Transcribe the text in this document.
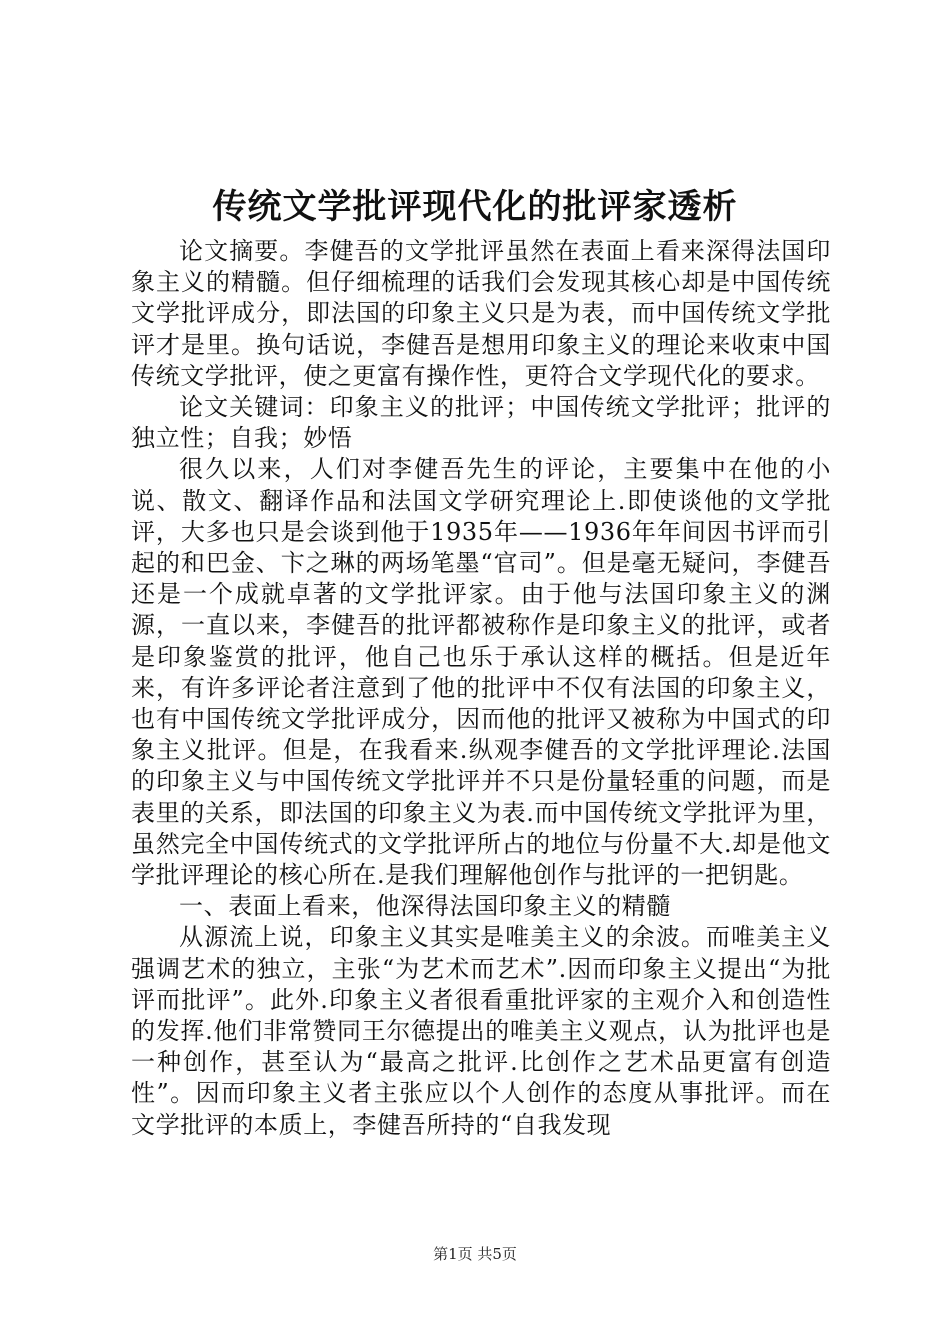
传统文学批评现代化的批评家透析

论文摘要。李健吾的文学批评虽然在表面上看来深得法国印象主义的精髓。但仔细梳理的话我们会发现其核心却是中国传统文学批评成分，即法国的印象主义只是为表，而中国传统文学批评才是里。换句话说，李健吾是想用印象主义的理论来收束中国传统文学批评，使之更富有操作性，更符合文学现代化的要求。

论文关键词：印象主义的批评；中国传统文学批评；批评的独立性；自我；妙悟

很久以来，人们对李健吾先生的评论，主要集中在他的小说、散文、翻译作品和法国文学研究理论上.即使谈他的文学批评，大多也只是会谈到他于1935年——1936年年间因书评而引起的和巴金、卞之琳的两场笔墨“官司”。但是毫无疑问，李健吾还是一个成就卓著的文学批评家。由于他与法国印象主义的渊源，一直以来，李健吾的批评都被称作是印象主义的批评，或者是印象鉴赏的批评，他自己也乐于承认这样的概括。但是近年来，有许多评论者注意到了他的批评中不仅有法国的印象主义，也有中国传统文学批评成分，因而他的批评又被称为中国式的印象主义批评。但是，在我看来.纵观李健吾的文学批评理论.法国的印象主义与中国传统文学批评并不只是份量轻重的问题，而是表里的关系，即法国的印象主义为表.而中国传统文学批评为里，虽然完全中国传统式的文学批评所占的地位与份量不大.却是他文学批评理论的核心所在.是我们理解他创作与批评的一把钥匙。

一、表面上看来，他深得法国印象主义的精髓

从源流上说，印象主义其实是唯美主义的余波。而唯美主义强调艺术的独立，主张“为艺术而艺术”.因而印象主义提出“为批评而批评”。此外.印象主义者很看重批评家的主观介入和创造性的发挥.他们非常赞同王尔德提出的唯美主义观点，认为批评也是一种创作，甚至认为“最高之批评.比创作之艺术品更富有创造性”。因而印象主义者主张应以个人创作的态度从事批评。而在文学批评的本质上，李健吾所持的“自我发现

第1页 共5页
